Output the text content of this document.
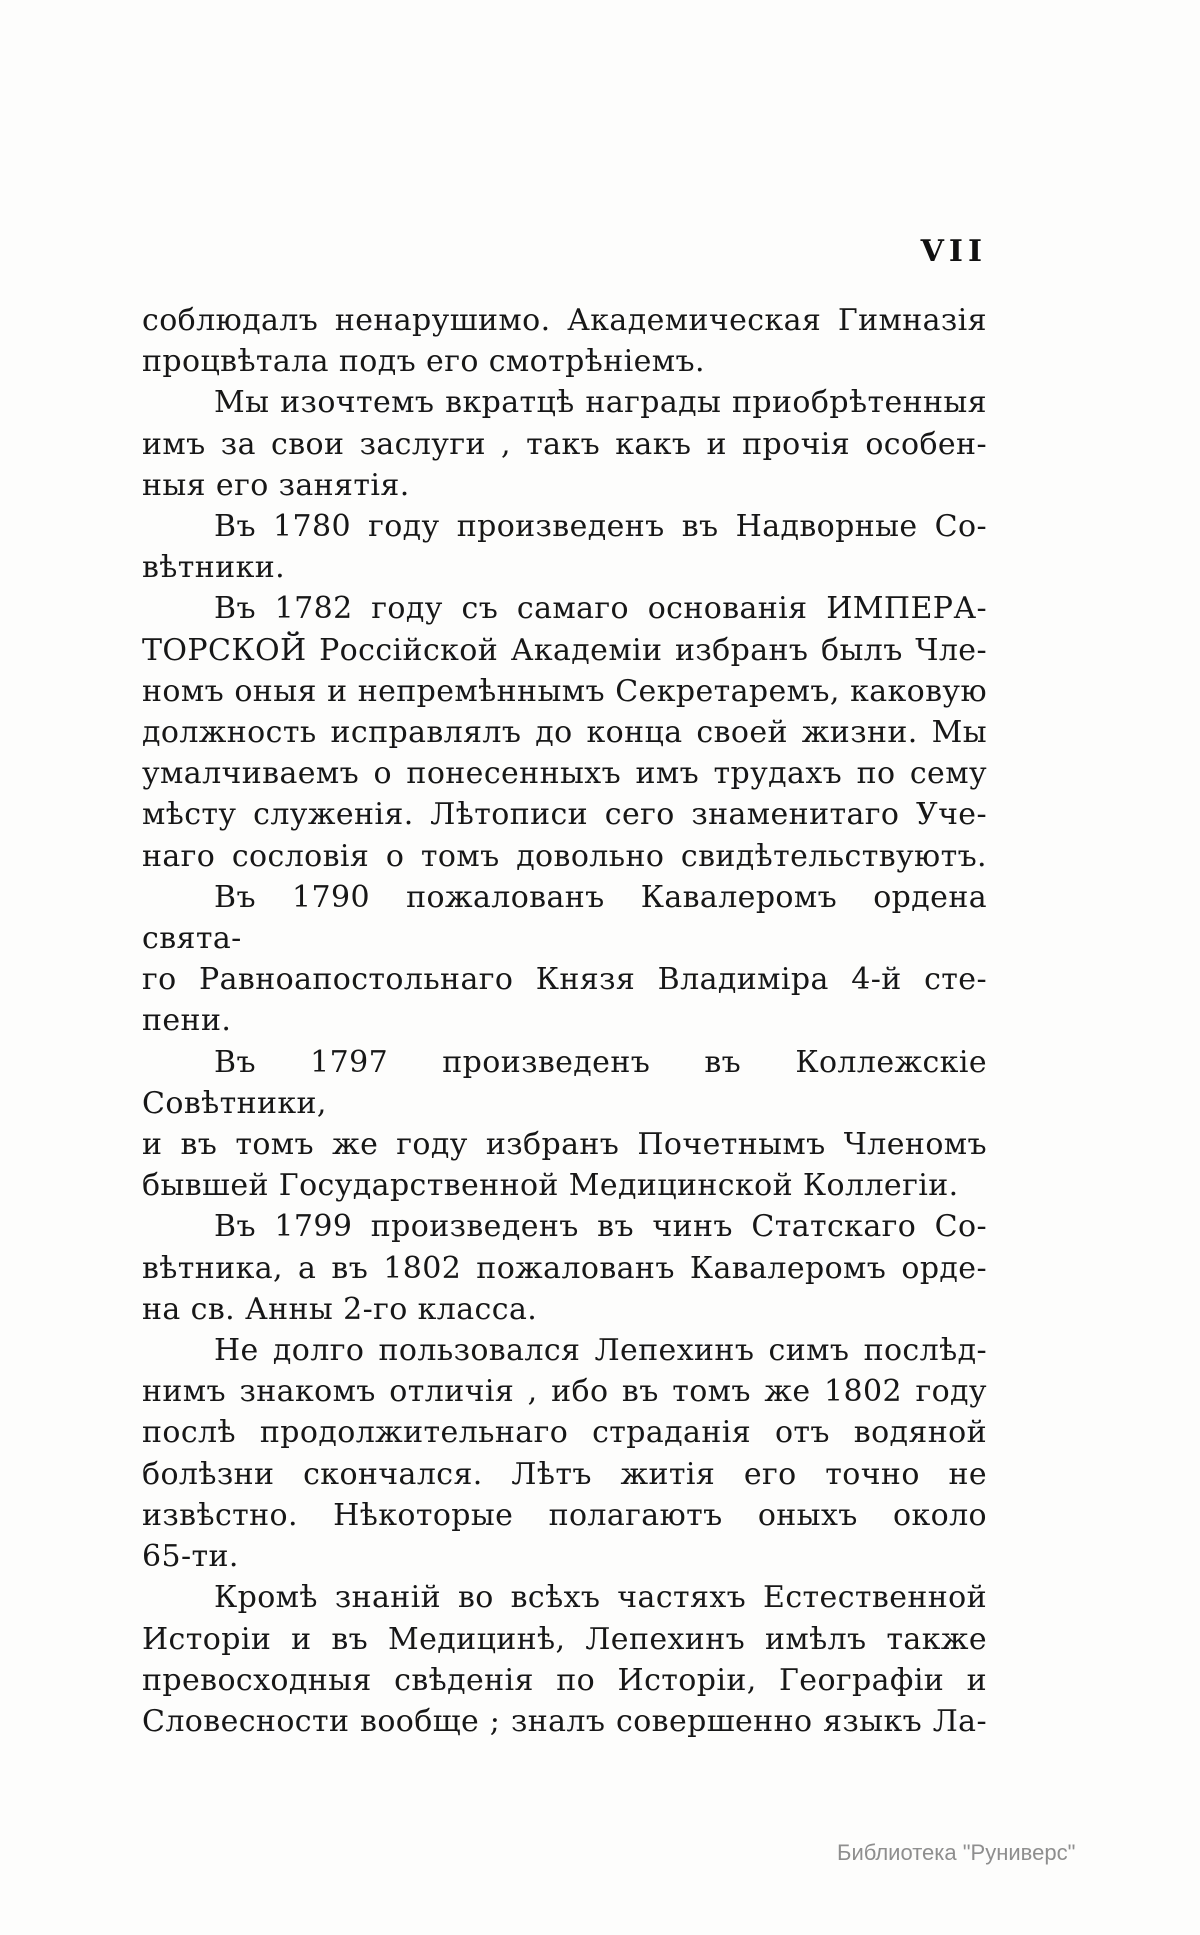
VII
соблюдалъ ненарушимо. Академическая Гимназія
процвѣтала подъ его смотрѣніемъ.
Мы изочтемъ вкратцѣ награды приобрѣтенныя
имъ за свои заслуги , такъ какъ и прочія особен-
ныя его занятія.
Въ 1780 году произведенъ въ Надворные Со-
вѣтники.
Въ 1782 году съ самаго основанія ИМПЕРА-
ТОРСКОЙ Россійской Академіи избранъ былъ Чле-
номъ оныя и непремѣннымъ Секретаремъ, каковую
должность исправлялъ до конца своей жизни. Мы
умалчиваемъ о понесенныхъ имъ трудахъ по сему
мѣсту служенія. Лѣтописи сего знаменитаго Уче-
наго сословія о томъ довольно свидѣтельствуютъ.
Въ 1790 пожалованъ Кавалеромъ ордена свята-
го Равноапостольнаго Князя Владиміра 4-й сте-
пени.
Въ 1797 произведенъ въ Коллежскіе Совѣтники,
и въ томъ же году избранъ Почетнымъ Членомъ
бывшей Государственной Медицинской Коллегіи.
Въ 1799 произведенъ въ чинъ Статскаго Со-
вѣтника, а въ 1802 пожалованъ Кавалеромъ орде-
на св. Анны 2-го класса.
Не долго пользовался Лепехинъ симъ послѣд-
нимъ знакомъ отличія , ибо въ томъ же 1802 году
послѣ продолжительнаго страданія отъ водяной
болѣзни скончался. Лѣтъ житія его точно не
извѣстно. Нѣкоторые полагаютъ оныхъ около
65-ти.
Кромѣ знаній во всѣхъ частяхъ Естественной
Исторіи и въ Медицинѣ, Лепехинъ имѣлъ также
превосходныя свѣденія по Исторіи, Географіи и
Словесности вообще ; зналъ совершенно языкъ Ла-
Библиотека "Руниверс"
